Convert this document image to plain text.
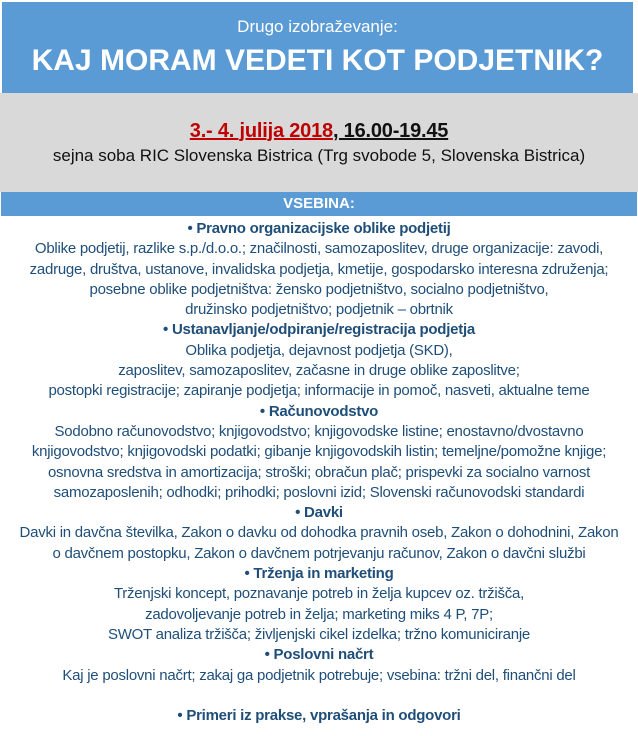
Drugo izobraževanje:
KAJ MORAM VEDETI KOT PODJETNIK?
3.- 4. julija 2018, 16.00-19.45
sejna soba RIC Slovenska Bistrica (Trg svobode 5, Slovenska Bistrica)
VSEBINA:
• Pravno organizacijske oblike podjetij
Oblike podjetij, razlike s.p./d.o.o.; značilnosti, samozaposlitev, druge organizacije: zavodi,
zadruge, društva, ustanove, invalidska podjetja, kmetije, gospodarsko interesna združenja;
posebne oblike podjetništva: žensko podjetništvo, socialno podjetništvo,
družinsko podjetništvo; podjetnik – obrtnik
• Ustanavljanje/odpiranje/registracija podjetja
Oblika podjetja, dejavnost podjetja (SKD),
zaposlitev, samozaposlitev, začasne in druge oblike zaposlitve;
postopki registracije; zapiranje podjetja; informacije in pomoč, nasveti, aktualne teme
• Računovodstvo
Sodobno računovodstvo; knjigovodstvo; knjigovodske listine; enostavno/dvostavno
knjigovodstvo; knjigovodski podatki; gibanje knjigovodskih listin; temeljne/pomožne knjige;
osnovna sredstva in amortizacija; stroški; obračun plač; prispevki za socialno varnost
samozaposlenih; odhodki; prihodki; poslovni izid; Slovenski računovodski standardi
• Davki
Davki in davčna številka, Zakon o davku od dohodka pravnih oseb, Zakon o dohodnini, Zakon
o davčnem postopku, Zakon o davčnem potrjevanju računov, Zakon o davčni službi
• Trženja in marketing
Trženjski koncept, poznavanje potreb in želja kupcev oz. tržišča,
zadovoljevanje potreb in želja; marketing miks 4 P, 7P;
SWOT analiza tržišča; življenjski cikel izdelka; tržno komuniciranje
• Poslovni načrt
Kaj je poslovni načrt; zakaj ga podjetnik potrebuje; vsebina: tržni del, finančni del
• Primeri iz prakse, vprašanja in odgovori
